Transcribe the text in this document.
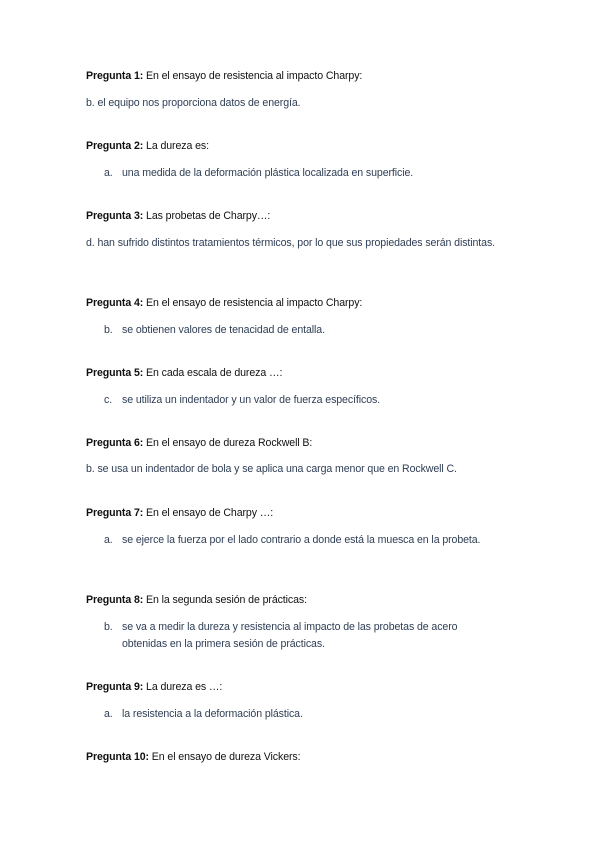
Pregunta 1: En el ensayo de resistencia al impacto Charpy:
b. el equipo nos proporciona datos de energía.
Pregunta 2: La dureza es:
a. una medida de la deformación plástica localizada en superficie.
Pregunta 3: Las probetas de Charpy…:
d. han sufrido distintos tratamientos térmicos, por lo que sus propiedades serán distintas.
Pregunta 4: En el ensayo de resistencia al impacto Charpy:
b. se obtienen valores de tenacidad de entalla.
Pregunta 5: En cada escala de dureza …:
c. se utiliza un indentador y un valor de fuerza específicos.
Pregunta 6: En el ensayo de dureza Rockwell B:
b. se usa un indentador de bola y se aplica una carga menor que en Rockwell C.
Pregunta 7: En el ensayo de Charpy …:
a. se ejerce la fuerza por el lado contrario a donde está la muesca en la probeta.
Pregunta 8: En la segunda sesión de prácticas:
b. se va a medir la dureza y resistencia al impacto de las probetas de acero obtenidas en la primera sesión de prácticas.
Pregunta 9: La dureza es …:
a. la resistencia a la deformación plástica.
Pregunta 10: En el ensayo de dureza Vickers:
